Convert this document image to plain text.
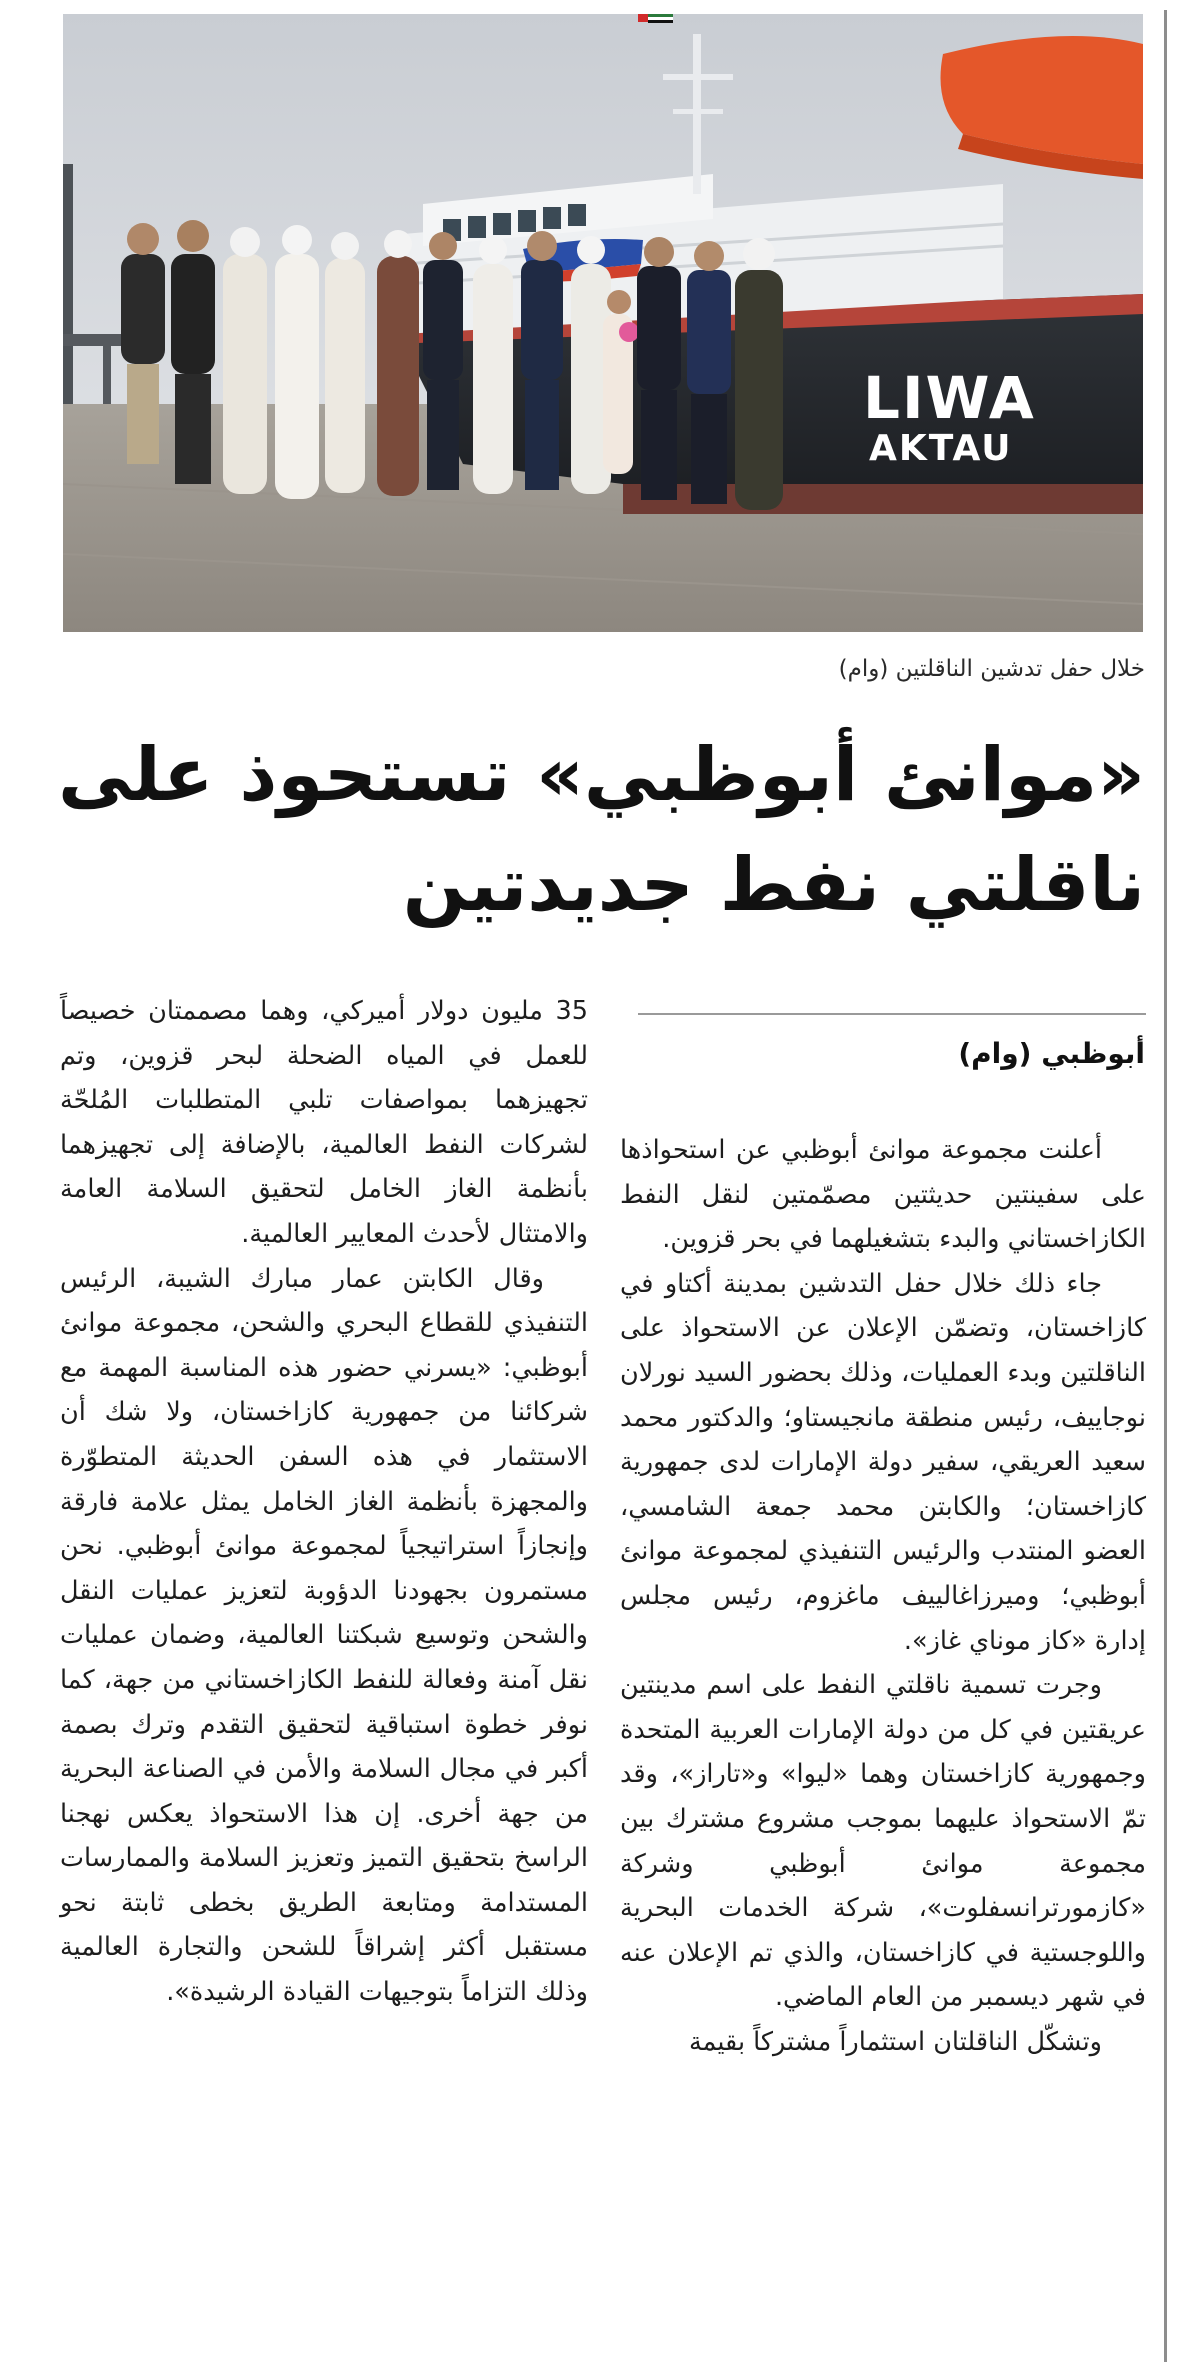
LIWA
AKTAU
خلال حفل تدشين الناقلتين (وام)
«موانئ أبوظبي» تستحوذ على
ناقلتي نفط جديدتين
أبوظبي (وام)

أعلنت مجموعة موانئ أبوظبي عن استحواذها على سفينتين حديثتين مصمّمتين لنقل النفط الكازاخستاني والبدء بتشغيلهما في بحر قزوين.

جاء ذلك خلال حفل التدشين بمدينة أكتاو في كازاخستان، وتضمّن الإعلان عن الاستحواذ على الناقلتين وبدء العمليات، وذلك بحضور السيد نورلان نوجاييف، رئيس منطقة مانجيستاو؛ والدكتور محمد سعيد العريقي، سفير دولة الإمارات لدى جمهورية كازاخستان؛ والكابتن محمد جمعة الشامسي، العضو المنتدب والرئيس التنفيذي لمجموعة موانئ أبوظبي؛ وميرزاغالييف ماغزوم، رئيس مجلس إدارة «كاز موناي غاز».

وجرت تسمية ناقلتي النفط على اسم مدينتين عريقتين في كل من دولة الإمارات العربية المتحدة وجمهورية كازاخستان وهما «ليوا» و«تاراز»، وقد تمّ الاستحواذ عليهما بموجب مشروع مشترك بين مجموعة موانئ أبوظبي وشركة «كازمورترانسفلوت»، شركة الخدمات البحرية واللوجستية في كازاخستان، والذي تم الإعلان عنه في شهر ديسمبر من العام الماضي.

وتشكّل الناقلتان استثماراً مشتركاً بقيمة

35 مليون دولار أميركي، وهما مصممتان خصيصاً للعمل في المياه الضحلة لبحر قزوين، وتم تجهيزهما بمواصفات تلبي المتطلبات المُلحّة لشركات النفط العالمية، بالإضافة إلى تجهيزهما بأنظمة الغاز الخامل لتحقيق السلامة العامة والامتثال لأحدث المعايير العالمية.

وقال الكابتن عمار مبارك الشيبة، الرئيس التنفيذي للقطاع البحري والشحن، مجموعة موانئ أبوظبي: «يسرني حضور هذه المناسبة المهمة مع شركائنا من جمهورية كازاخستان، ولا شك أن الاستثمار في هذه السفن الحديثة المتطوّرة والمجهزة بأنظمة الغاز الخامل يمثل علامة فارقة وإنجازاً استراتيجياً لمجموعة موانئ أبوظبي. نحن مستمرون بجهودنا الدؤوبة لتعزيز عمليات النقل والشحن وتوسيع شبكتنا العالمية، وضمان عمليات نقل آمنة وفعالة للنفط الكازاخستاني من جهة، كما نوفر خطوة استباقية لتحقيق التقدم وترك بصمة أكبر في مجال السلامة والأمن في الصناعة البحرية من جهة أخرى. إن هذا الاستحواذ يعكس نهجنا الراسخ بتحقيق التميز وتعزيز السلامة والممارسات المستدامة ومتابعة الطريق بخطى ثابتة نحو مستقبل أكثر إشراقاً للشحن والتجارة العالمية وذلك التزاماً بتوجيهات القيادة الرشيدة».
